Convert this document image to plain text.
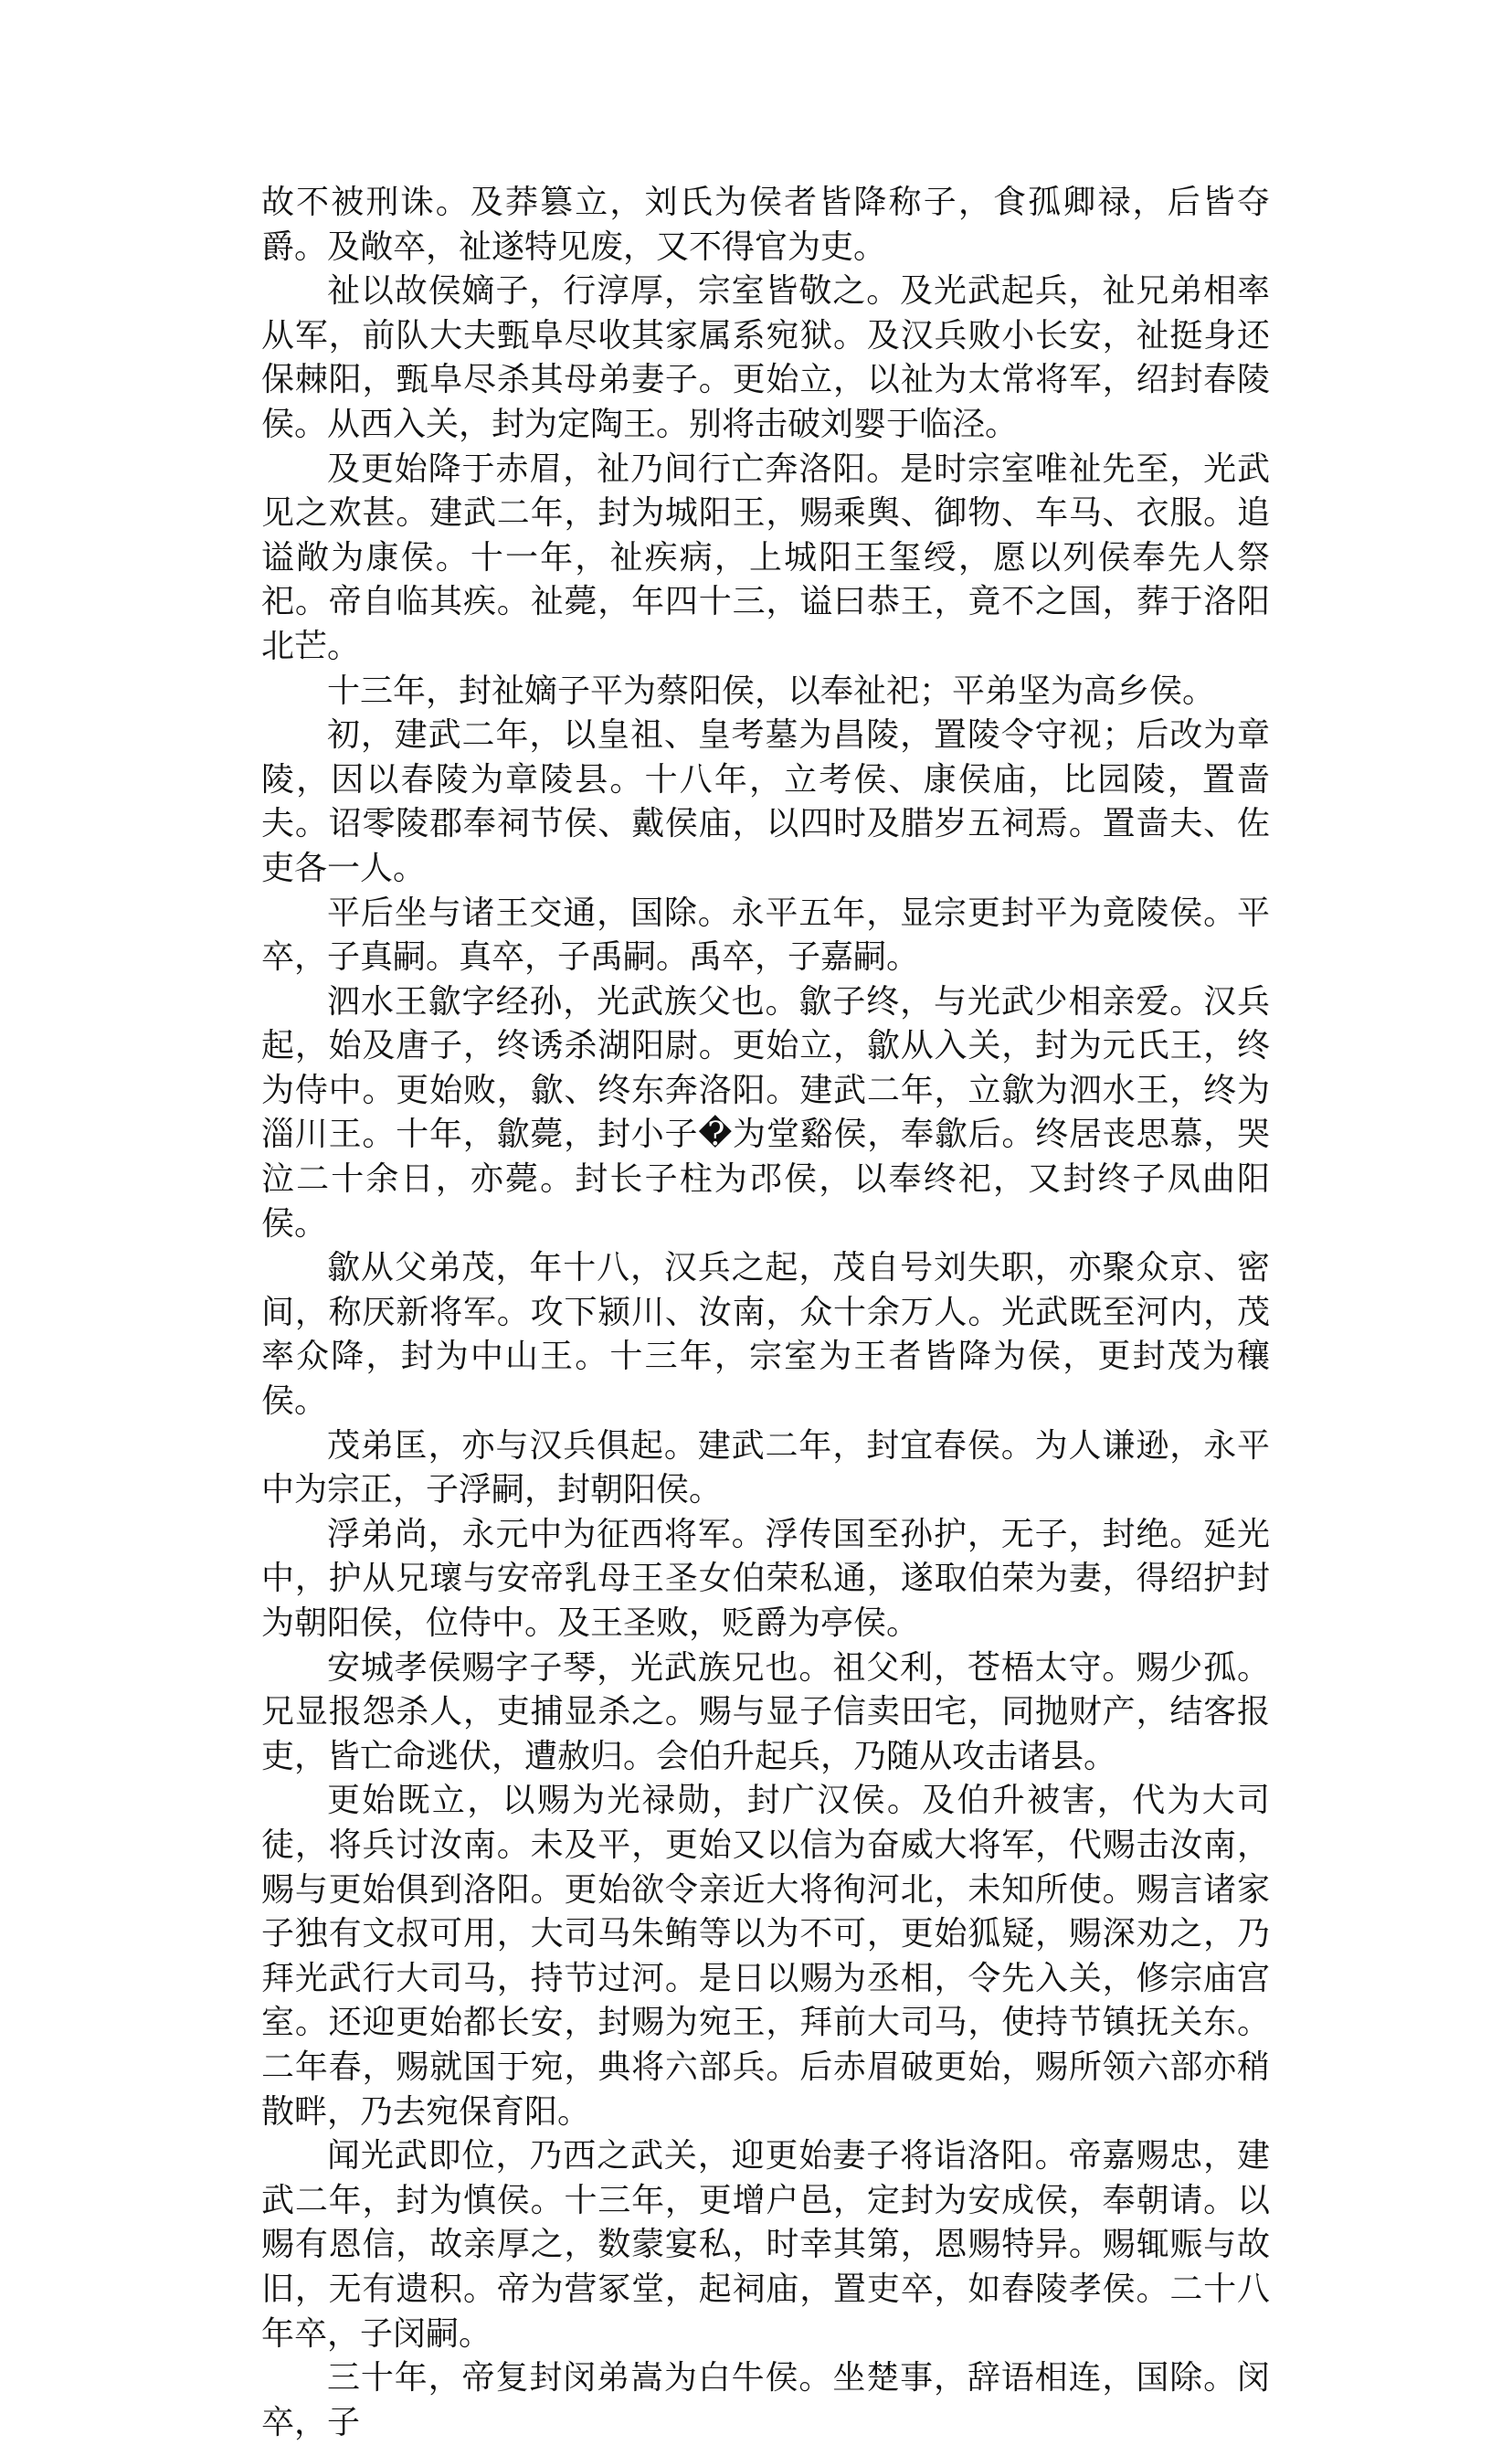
故不被刑诛。及莽篡立，刘氏为侯者皆降称子，食孤卿禄，后皆夺爵。及敞卒，祉遂特见废，又不得官为吏。

祉以故侯嫡子，行淳厚，宗室皆敬之。及光武起兵，祉兄弟相率从军，前队大夫甄阜尽收其家属系宛狱。及汉兵败小长安，祉挺身还保棘阳，甄阜尽杀其母弟妻子。更始立，以祉为太常将军，绍封春陵侯。从西入关，封为定陶王。别将击破刘婴于临泾。

及更始降于赤眉，祉乃间行亡奔洛阳。是时宗室唯祉先至，光武见之欢甚。建武二年，封为城阳王，赐乘舆、御物、车马、衣服。追谥敞为康侯。十一年，祉疾病，上城阳王玺绶，愿以列侯奉先人祭祀。帝自临其疾。祉薨，年四十三，谥曰恭王，竟不之国，葬于洛阳北芒。

十三年，封祉嫡子平为蔡阳侯，以奉祉祀；平弟坚为高乡侯。

初，建武二年，以皇祖、皇考墓为昌陵，置陵令守视；后改为章陵，因以春陵为章陵县。十八年，立考侯、康侯庙，比园陵，置啬夫。诏零陵郡奉祠节侯、戴侯庙，以四时及腊岁五祠焉。置啬夫、佐吏各一人。

平后坐与诸王交通，国除。永平五年，显宗更封平为竟陵侯。平卒，子真嗣。真卒，子禹嗣。禹卒，子嘉嗣。

泗水王歙字经孙，光武族父也。歙子终，与光武少相亲爱。汉兵起，始及唐子，终诱杀湖阳尉。更始立，歙从入关，封为元氏王，终为侍中。更始败，歙、终东奔洛阳。建武二年，立歙为泗水王，终为淄川王。十年，歙薨，封小子�为堂谿侯，奉歙后。终居丧思慕，哭泣二十余日，亦薨。封长子柱为邔侯，以奉终祀，又封终子凤曲阳侯。

歙从父弟茂，年十八，汉兵之起，茂自号刘失职，亦聚众京、密间，称厌新将军。攻下颍川、汝南，众十余万人。光武既至河内，茂率众降，封为中山王。十三年，宗室为王者皆降为侯，更封茂为穰侯。

茂弟匡，亦与汉兵俱起。建武二年，封宜春侯。为人谦逊，永平中为宗正，子浮嗣，封朝阳侯。

浮弟尚，永元中为征西将军。浮传国至孙护，无子，封绝。延光中，护从兄瓌与安帝乳母王圣女伯荣私通，遂取伯荣为妻，得绍护封为朝阳侯，位侍中。及王圣败，贬爵为亭侯。

安城孝侯赐字子琴，光武族兄也。祖父利，苍梧太守。赐少孤。兄显报怨杀人，吏捕显杀之。赐与显子信卖田宅，同抛财产，结客报吏，皆亡命逃伏，遭赦归。会伯升起兵，乃随从攻击诸县。

更始既立，以赐为光禄勋，封广汉侯。及伯升被害，代为大司徒，将兵讨汝南。未及平，更始又以信为奋威大将军，代赐击汝南，赐与更始俱到洛阳。更始欲令亲近大将徇河北，未知所使。赐言诸家子独有文叔可用，大司马朱鲔等以为不可，更始狐疑，赐深劝之，乃拜光武行大司马，持节过河。是日以赐为丞相，令先入关，修宗庙宫室。还迎更始都长安，封赐为宛王，拜前大司马，使持节镇抚关东。二年春，赐就国于宛，典将六部兵。后赤眉破更始，赐所领六部亦稍散畔，乃去宛保育阳。

闻光武即位，乃西之武关，迎更始妻子将诣洛阳。帝嘉赐忠，建武二年，封为慎侯。十三年，更增户邑，定封为安成侯，奉朝请。以赐有恩信，故亲厚之，数蒙宴私，时幸其第，恩赐特异。赐辄赈与故旧，无有遗积。帝为营冢堂，起祠庙，置吏卒，如舂陵孝侯。二十八年卒，子闵嗣。

三十年，帝复封闵弟嵩为白牛侯。坐楚事，辞语相连，国除。闵卒，子
